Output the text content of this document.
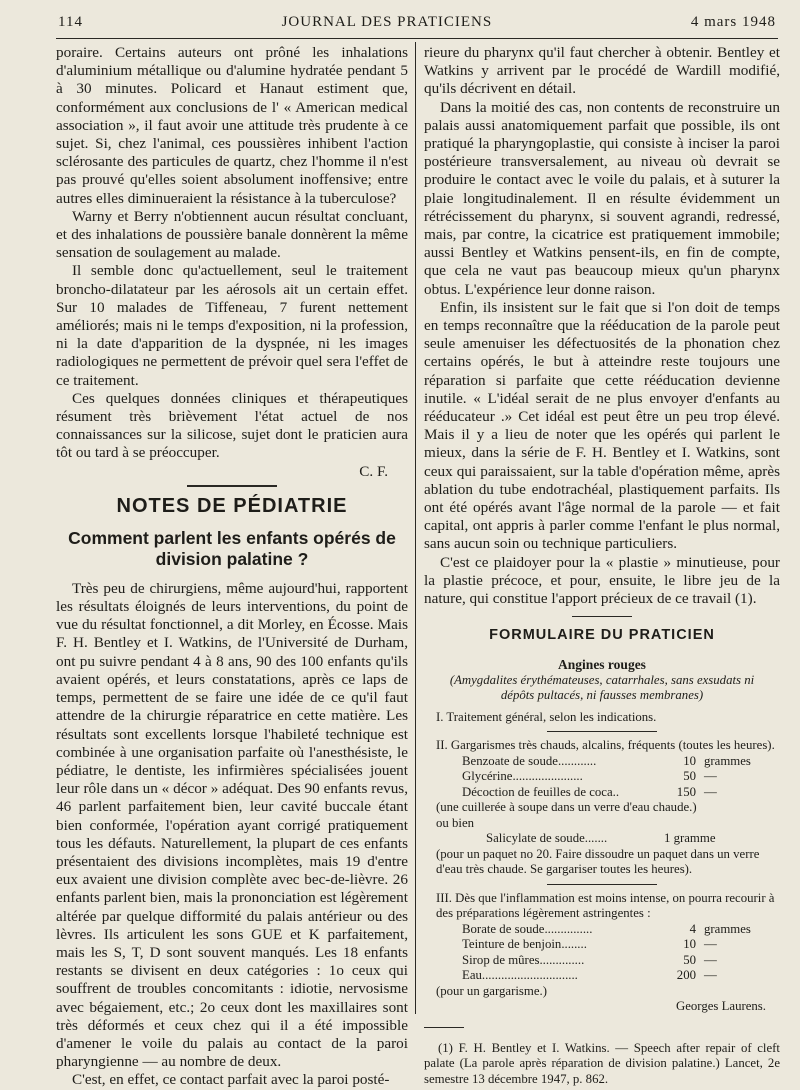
114	JOURNAL DES PRATICIENS	4 mars 1948

poraire. Certains auteurs ont prôné les inhalations d'aluminium métallique ou d'alumine hydratée pendant 5 à 30 minutes. Policard et Hanaut estiment que, conformément aux conclusions de l' « American medical association », il faut avoir une attitude très prudente à ce sujet. Si, chez l'animal, ces poussières inhibent l'action sclérosante des particules de quartz, chez l'homme il n'est pas prouvé qu'elles soient absolument inoffensive; entre autres elles diminueraient la résistance à la tuberculose?

Warny et Berry n'obtiennent aucun résultat concluant, et des inhalations de poussière banale donnèrent la même sensation de soulagement au malade.

Il semble donc qu'actuellement, seul le traitement broncho-dilatateur par les aérosols ait un certain effet. Sur 10 malades de Tiffeneau, 7 furent nettement améliorés; mais ni le temps d'exposition, ni la profession, ni la date d'apparition de la dyspnée, ni les images radiologiques ne permettent de prévoir quel sera l'effet de ce traitement.

Ces quelques données cliniques et thérapeutiques résument très brièvement l'état actuel de nos connaissances sur la silicose, sujet dont le praticien aura tôt ou tard à se préoccuper.

C. F.
NOTES DE PÉDIATRIE
Comment parlent les enfants opérés de division palatine ?

Très peu de chirurgiens, même aujourd'hui, rapportent les résultats éloignés de leurs interventions, du point de vue du résultat fonctionnel, a dit Morley, en Écosse. Mais F. H. Bentley et I. Watkins, de l'Université de Durham, ont pu suivre pendant 4 à 8 ans, 90 des 100 enfants qu'ils avaient opérés, et leurs constatations, après ce laps de temps, permettent de se faire une idée de ce qu'il faut attendre de la chirurgie réparatrice en cette matière. Les résultats sont excellents lorsque l'habileté technique est combinée à une organisation parfaite où l'anesthésiste, le pédiatre, le dentiste, les infirmières spécialisées jouent leur rôle dans un « décor » adéquat. Des 90 enfants revus, 46 parlent parfaitement bien, leur cavité buccale étant bien conformée, l'opération ayant corrigé pratiquement tous les défauts. Naturellement, la plupart de ces enfants présentaient des divisions incomplètes, mais 19 d'entre eux avaient une division complète avec bec-de-lièvre. 26 enfants parlent bien, mais la prononciation est légèrement altérée par quelque difformité du palais antérieur ou des lèvres. Ils articulent les sons GUE et K parfaitement, mais les S, T, D sont souvent manqués. Les 18 enfants restants se divisent en deux catégories : 1o ceux qui souffrent de troubles concomitants : idiotie, nervosisme avec bégaiement, etc.; 2o ceux dont les maxillaires sont très déformés et ceux chez qui il a été impossible d'amener le voile du palais au contact de la paroi pharyngienne — au nombre de deux.

C'est, en effet, ce contact parfait avec la paroi posté-

rieure du pharynx qu'il faut chercher à obtenir. Bentley et Watkins y arrivent par le procédé de Wardill modifié, qu'ils décrivent en détail.

Dans la moitié des cas, non contents de reconstruire un palais aussi anatomiquement parfait que possible, ils ont pratiqué la pharyngoplastie, qui consiste à inciser la paroi postérieure transversalement, au niveau où devrait se produire le contact avec le voile du palais, et à suturer la plaie longitudinalement. Il en résulte évidemment un rétrécissement du pharynx, si souvent agrandi, redressé, mais, par contre, la cicatrice est pratiquement immobile; aussi Bentley et Watkins pensent-ils, en fin de compte, que cela ne vaut pas beaucoup mieux qu'un pharynx obtus. L'expérience leur donne raison.

Enfin, ils insistent sur le fait que si l'on doit de temps en temps reconnaître que la rééducation de la parole peut seule amenuiser les défectuosités de la phonation chez certains opérés, le but à atteindre reste toujours une réparation si parfaite que cette rééducation devienne inutile. « L'idéal serait de ne plus envoyer d'enfants au rééducateur .» Cet idéal est peut être un peu trop élevé. Mais il y a lieu de noter que les opérés qui parlent le mieux, dans la série de F. H. Bentley et I. Watkins, sont ceux qui paraissaient, sur la table d'opération même, après ablation du tube endotrachéal, plastiquement parfaits. Ils ont été opérés avant l'âge normal de la parole — et fait capital, ont appris à parler comme l'enfant le plus normal, sans aucun soin ou technique particuliers.

C'est ce plaidoyer pour la « plastie » minutieuse, pour la plastie précoce, et pour, ensuite, le libre jeu de la nature, qui constitue l'apport précieux de ce travail (1).

FORMULAIRE DU PRATICIEN
Angines rouges
(Amygdalites érythémateuses, catarrhales, sans exsudats ni
dépôts pultacés, ni fausses membranes)

I. Traitement général, selon les indications.

II. Gargarismes très chauds, alcalins, fréquents (toutes les heures).

Benzoate de soude............	10 grammes
Glycérine......................	50 —
Décoction de feuilles de coca..	150 —

(une cuillerée à soupe dans un verre d'eau chaude.)

ou bien

Salicylate de soude.......	1 gramme

(pour un paquet no 20. Faire dissoudre un paquet dans un verre d'eau très chaude. Se gargariser toutes les heures).

III. Dès que l'inflammation est moins intense, on pourra recourir à des préparations légèrement astringentes :

Borate de soude...............	4 grammes
Teinture de benjoin........	10 —
Sirop de mûres..............	50 —
Eau..............................	200 —

(pour un gargarisme.)

Georges Laurens.

(1) F. H. Bentley et I. Watkins. — Speech after repair of cleft palate (La parole après réparation de division palatine.) Lancet, 2e semestre 13 décembre 1947, p. 862.
